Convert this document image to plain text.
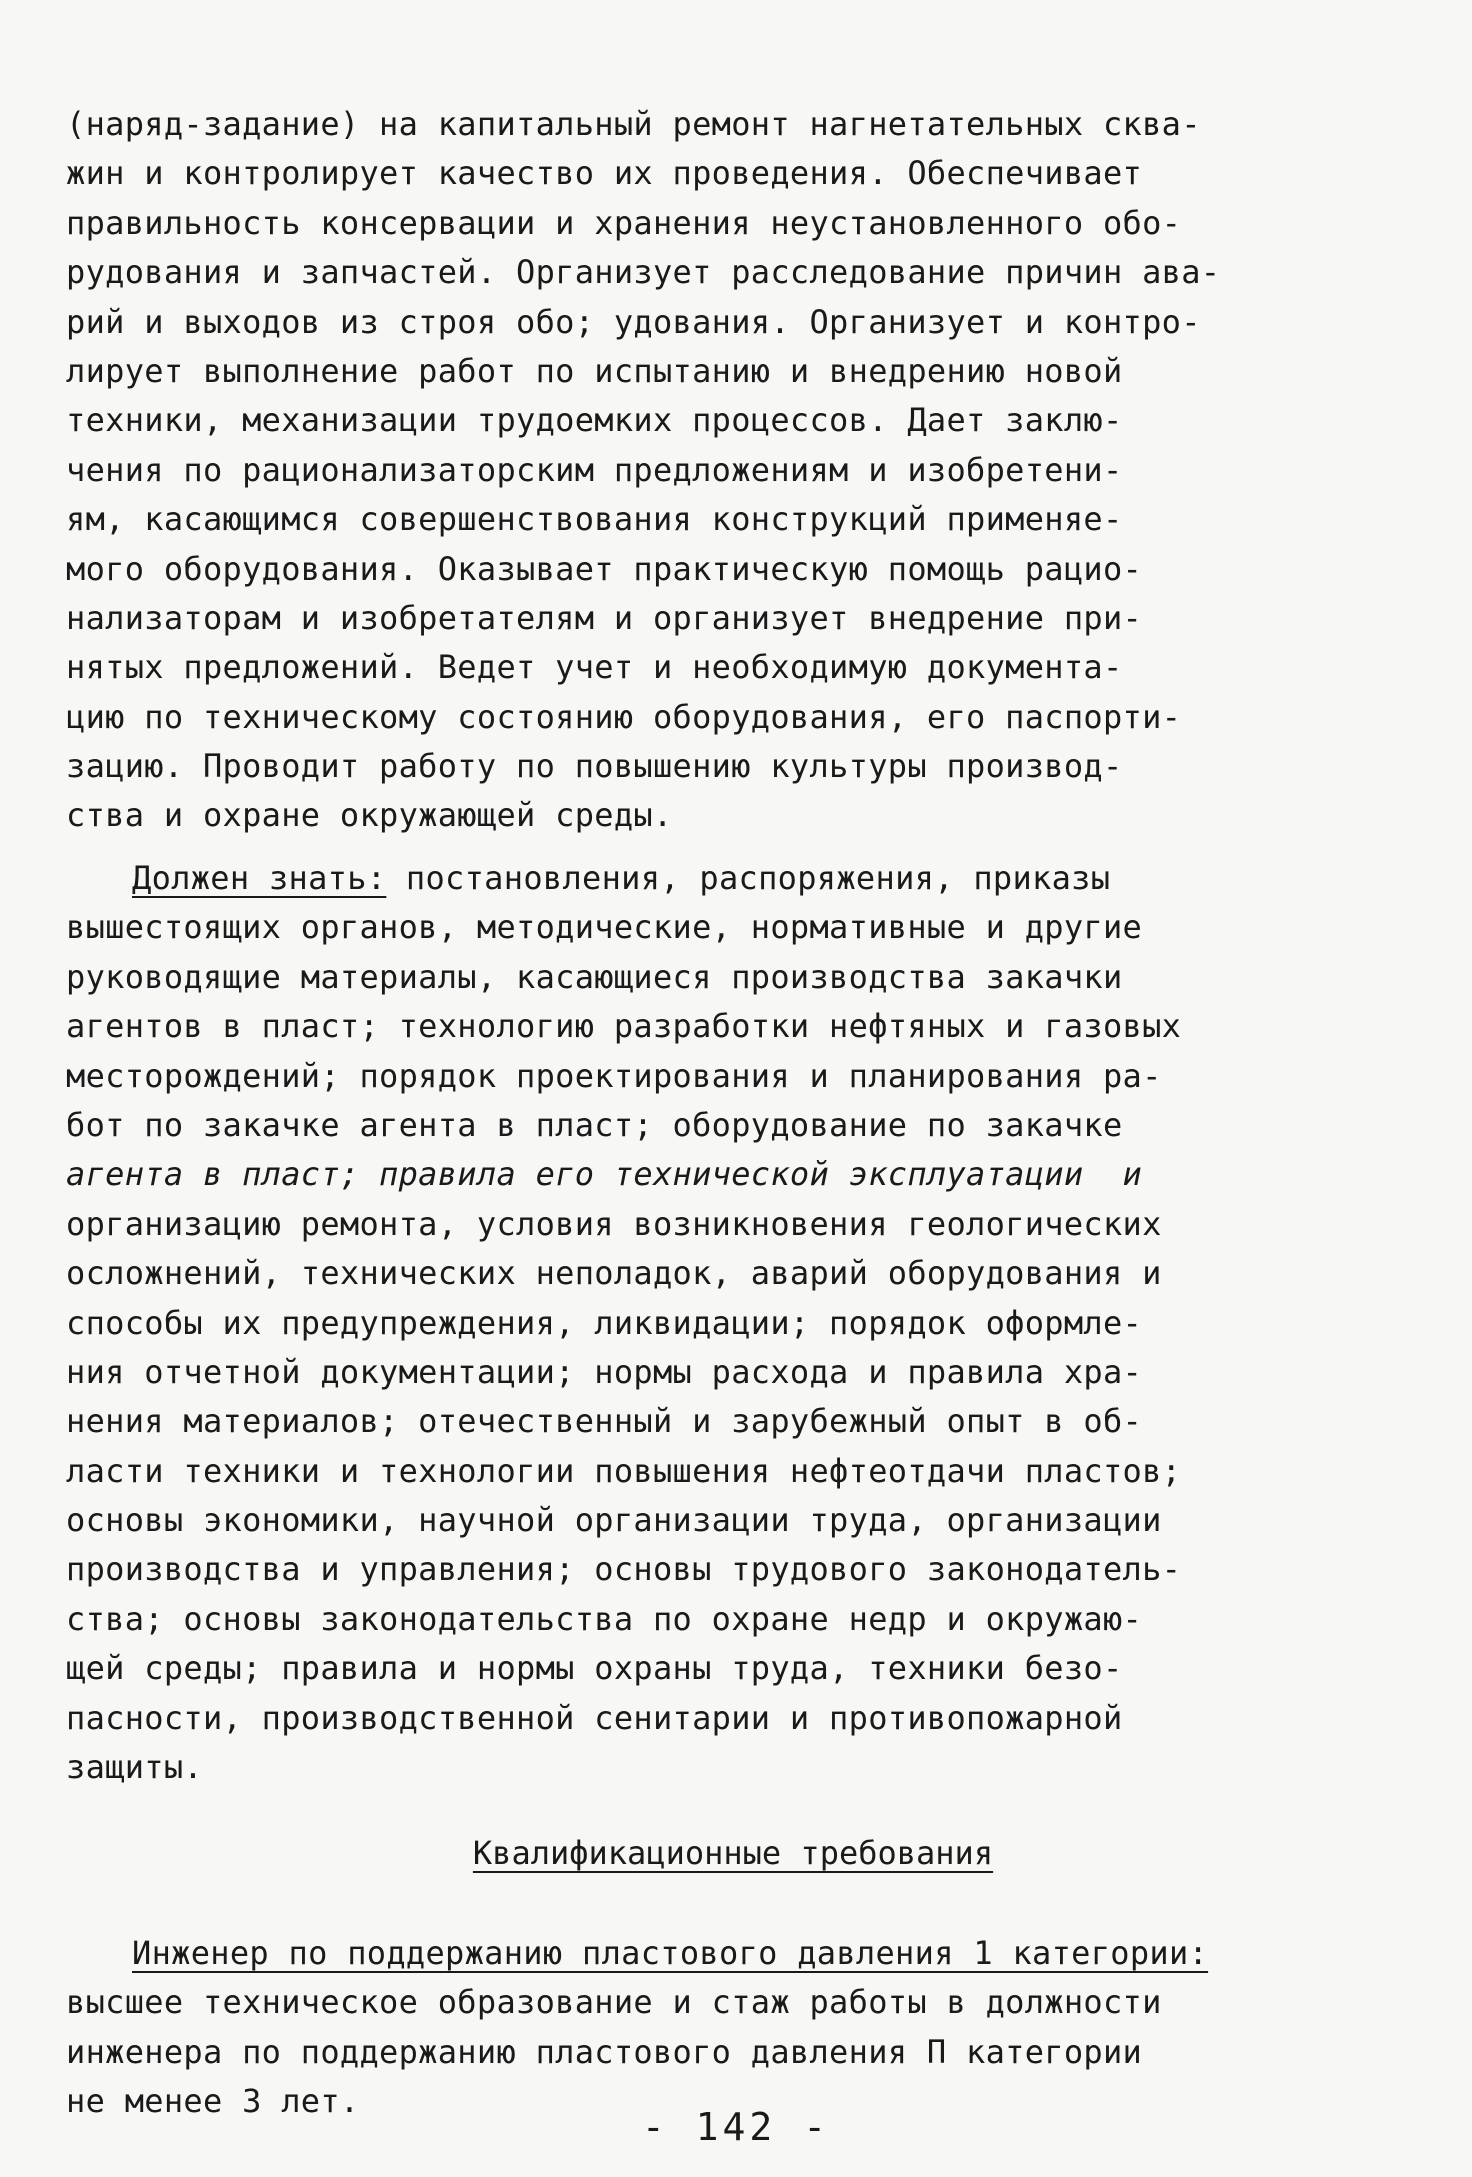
(наряд-задание) на капитальный ремонт нагнетательных сква-
жин и контролирует качество их проведения. Обеспечивает
правильность консервации и хранения неустановленного обо-
рудования и запчастей. Организует расследование причин ава-
рий и выходов из строя обо; удования. Организует и контро-
лирует выполнение работ по испытанию и внедрению новой
техники, механизации трудоемких процессов. Дает заклю-
чения по рационализаторским предложениям и изобретени-
ям, касающимся совершенствования конструкций применяе-
мого оборудования. Оказывает практическую помощь рацио-
нализаторам и изобретателям и организует внедрение при-
нятых предложений. Ведет учет и необходимую документа-
цию по техническому состоянию оборудования, его паспорти-
зацию. Проводит работу по повышению культуры производ-
ства и охране окружающей среды.
Должен знать: постановления, распоряжения, приказы
вышестоящих органов, методические, нормативные и другие
руководящие материалы, касающиеся производства закачки
агентов в пласт; технологию разработки нефтяных и газовых
месторождений; порядок проектирования и планирования ра-
бот по закачке агента в пласт; оборудование по закачке
агента в пласт; правила его технической эксплуатации  и
организацию ремонта, условия возникновения геологических
осложнений, технических неполадок, аварий оборудования и
способы их предупреждения, ликвидации; порядок оформле-
ния отчетной документации; нормы расхода и правила хра-
нения материалов; отечественный и зарубежный опыт в об-
ласти техники и технологии повышения нефтеотдачи пластов;
основы экономики, научной организации труда, организации
производства и управления; основы трудового законодатель-
ства; основы законодательства по охране недр и окружаю-
щей среды; правила и нормы охраны труда, техники безо-
пасности, производственной сенитарии и противопожарной
защиты.
Квалификационные требования
Инженер по поддержанию пластового давления 1 категории:
высшее техническое образование и стаж работы в должности
инженера по поддержанию пластового давления П категории
не менее 3 лет.
- 142 -
